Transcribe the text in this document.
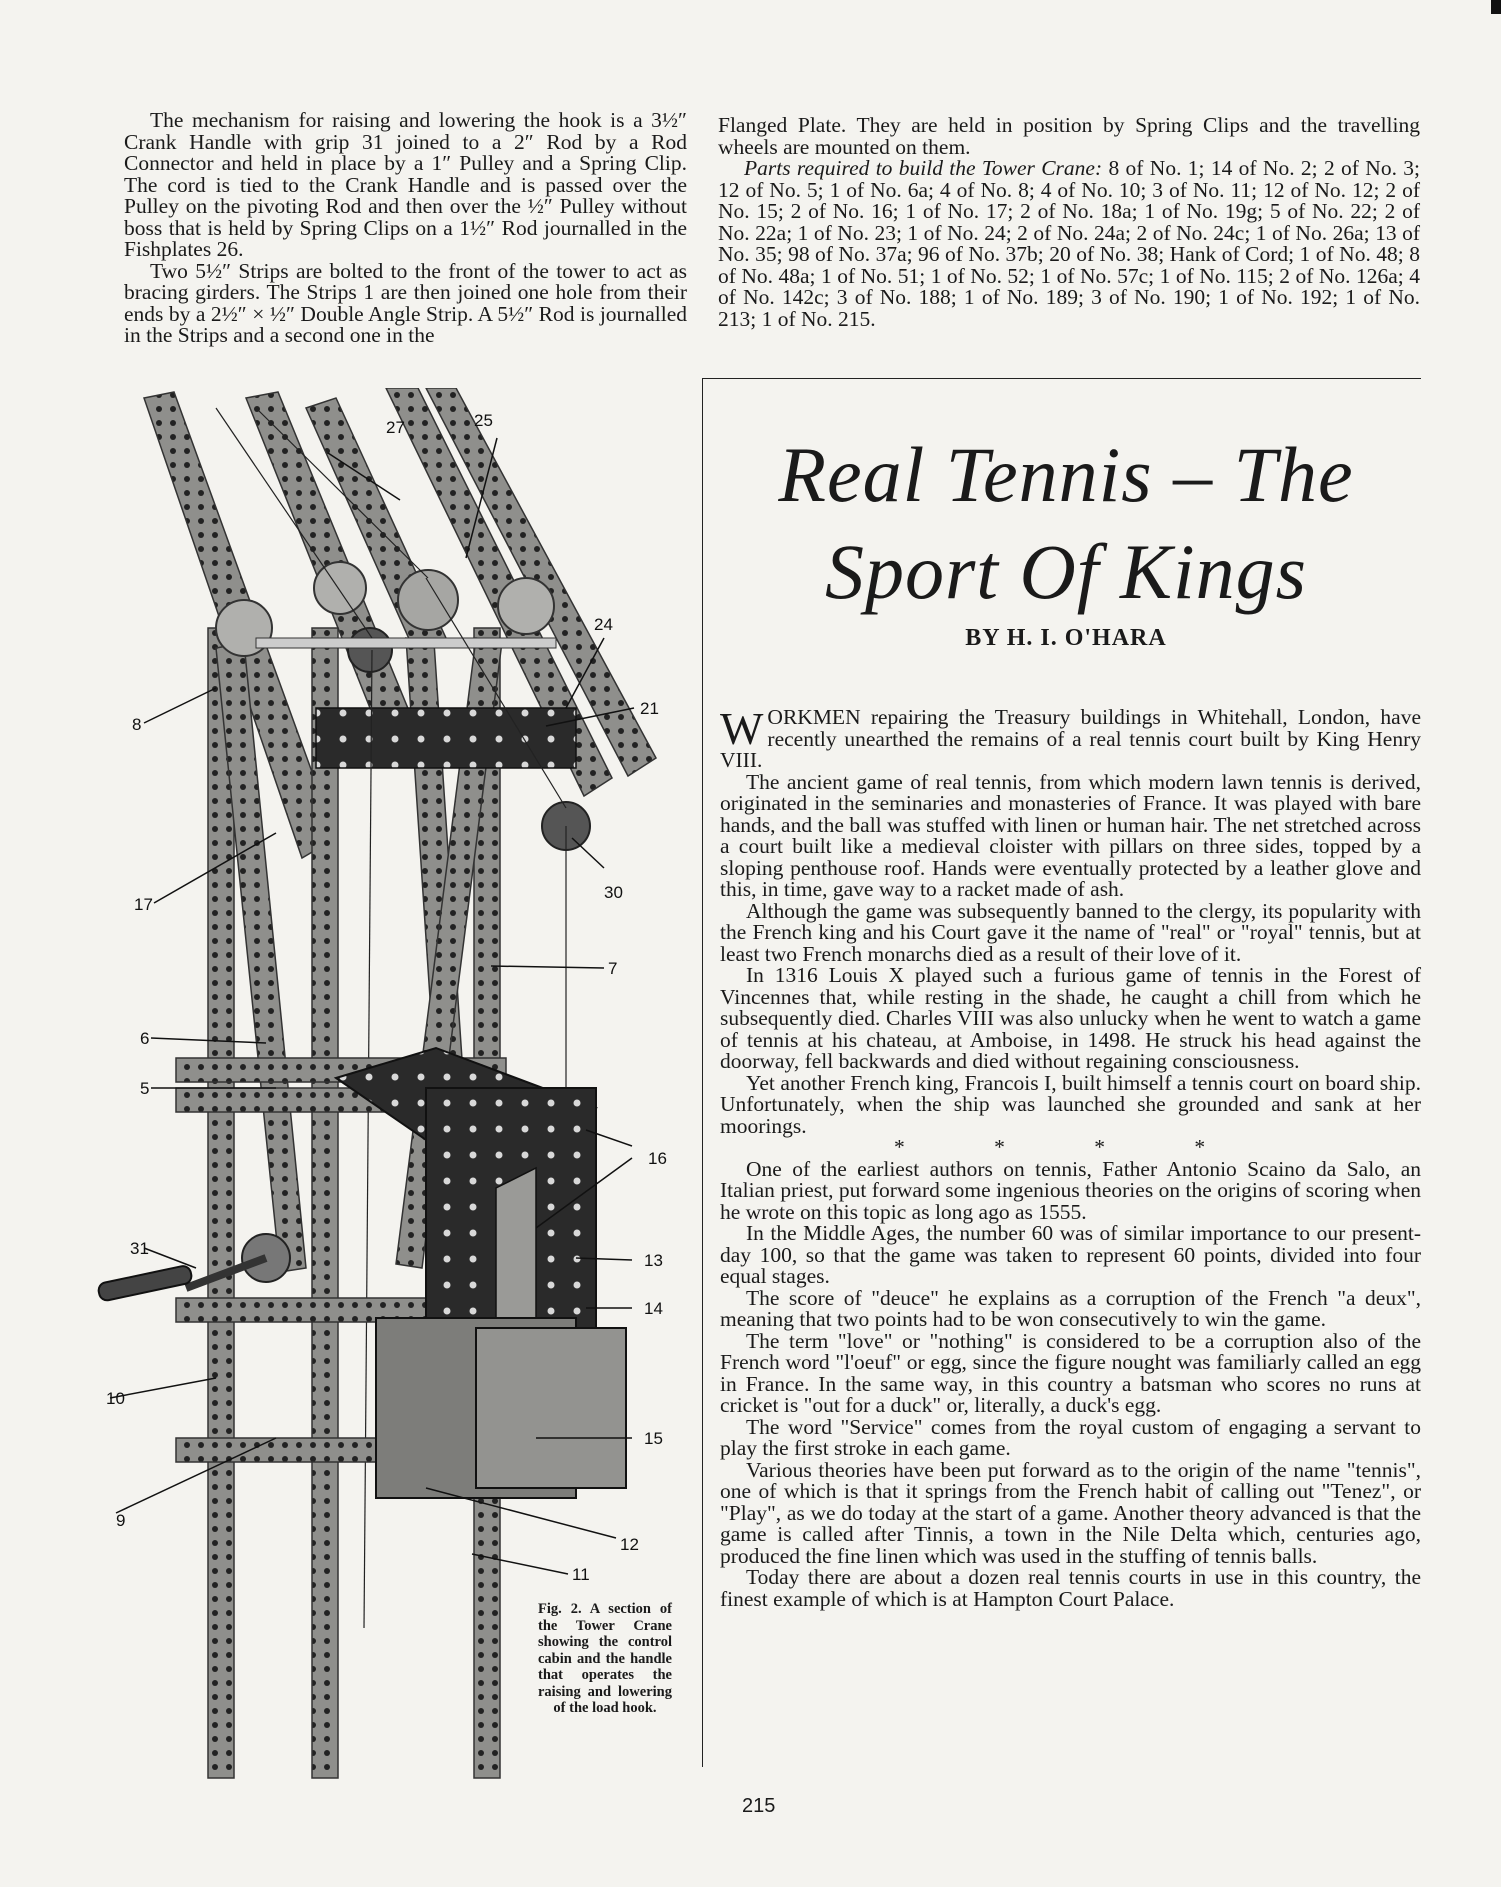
The mechanism for raising and lowering the hook is a 3½″ Crank Handle with grip 31 joined to a 2″ Rod by a Rod Connector and held in place by a 1″ Pulley and a Spring Clip. The cord is tied to the Crank Handle and is passed over the Pulley on the pivoting Rod and then over the ½″ Pulley without boss that is held by Spring Clips on a 1½″ Rod journalled in the Fishplates 26.

Two 5½″ Strips are bolted to the front of the tower to act as bracing girders. The Strips 1 are then joined one hole from their ends by a 2½″ × ½″ Double Angle Strip. A 5½″ Rod is journalled in the Strips and a second one in the

Flanged Plate. They are held in position by Spring Clips and the travelling wheels are mounted on them.

Parts required to build the Tower Crane: 8 of No. 1; 14 of No. 2; 2 of No. 3; 12 of No. 5; 1 of No. 6a; 4 of No. 8; 4 of No. 10; 3 of No. 11; 12 of No. 12; 2 of No. 15; 2 of No. 16; 1 of No. 17; 2 of No. 18a; 1 of No. 19g; 5 of No. 22; 2 of No. 22a; 1 of No. 23; 1 of No. 24; 2 of No. 24a; 2 of No. 24c; 1 of No. 26a; 13 of No. 35; 98 of No. 37a; 96 of No. 37b; 20 of No. 38; Hank of Cord; 1 of No. 48; 8 of No. 48a; 1 of No. 51; 1 of No. 52; 1 of No. 57c; 1 of No. 115; 2 of No. 126a; 4 of No. 142c; 3 of No. 188; 1 of No. 189; 3 of No. 190; 1 of No. 192; 1 of No. 213; 1 of No. 215.

Real Tennis – The
Sport Of Kings
BY H. I. O'HARA

WORKMEN repairing the Treasury buildings in Whitehall, London, have recently unearthed the remains of a real tennis court built by King Henry VIII.

The ancient game of real tennis, from which modern lawn tennis is derived, originated in the seminaries and monasteries of France. It was played with bare hands, and the ball was stuffed with linen or human hair. The net stretched across a court built like a medieval cloister with pillars on three sides, topped by a sloping penthouse roof. Hands were eventually protected by a leather glove and this, in time, gave way to a racket made of ash.

Although the game was subsequently banned to the clergy, its popularity with the French king and his Court gave it the name of "real" or "royal" tennis, but at least two French monarchs died as a result of their love of it.

In 1316 Louis X played such a furious game of tennis in the Forest of Vincennes that, while resting in the shade, he caught a chill from which he subsequently died. Charles VIII was also unlucky when he went to watch a game of tennis at his chateau, at Amboise, in 1498. He struck his head against the doorway, fell backwards and died without regaining consciousness.

Yet another French king, Francois I, built himself a tennis court on board ship. Unfortunately, when the ship was launched she grounded and sank at her moorings.

* * * *

One of the earliest authors on tennis, Father Antonio Scaino da Salo, an Italian priest, put forward some ingenious theories on the origins of scoring when he wrote on this topic as long ago as 1555.

In the Middle Ages, the number 60 was of similar importance to our present-day 100, so that the game was taken to represent 60 points, divided into four equal stages.

The score of "deuce" he explains as a corruption of the French "a deux", meaning that two points had to be won consecutively to win the game.

The term "love" or "nothing" is considered to be a corruption also of the French word "l'oeuf" or egg, since the figure nought was familiarly called an egg in France. In the same way, in this country a batsman who scores no runs at cricket is "out for a duck" or, literally, a duck's egg.

The word "Service" comes from the royal custom of engaging a servant to play the first stroke in each game.

Various theories have been put forward as to the origin of the name "tennis", one of which is that it springs from the French habit of calling out "Tenez", or "Play", as we do today at the start of a game. Another theory advanced is that the game is called after Tinnis, a town in the Nile Delta which, centuries ago, produced the fine linen which was used in the stuffing of tennis balls.

Today there are about a dozen real tennis courts in use in this country, the finest example of which is at Hampton Court Palace.

27	25
24
21
8
30
17
7
6
5
16
31
13
14
10
15
9
12
11
Fig. 2. A section of the Tower Crane showing the control cabin and the handle that operates the raising and lowering of the load hook.
215
